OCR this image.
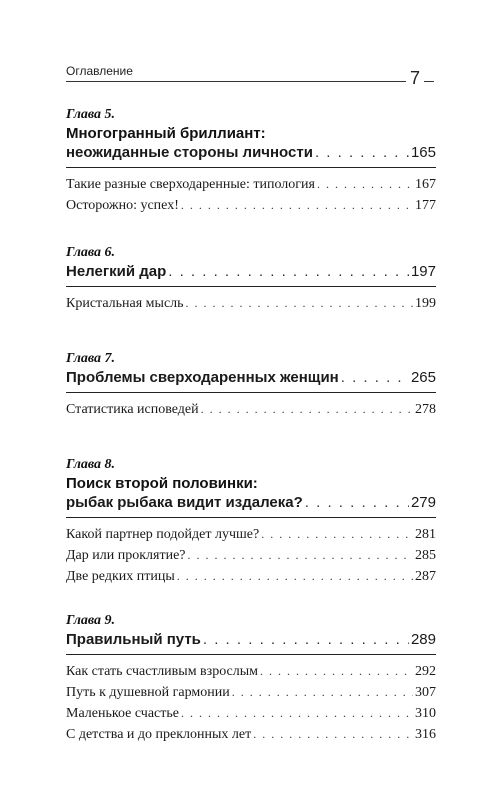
Оглавление	7
Глава 5.
Многогранный бриллиант:
неожиданные стороны личности . . .	165
Такие разные сверходаренные: типология . . .	167
Осторожно: успех! . . .	177
Глава 6.
Нелегкий дар . . .	197
Кристальная мысль . . .	199
Глава 7.
Проблемы сверходаренных женщин . . .	265
Статистика исповедей . . .	278
Глава 8.
Поиск второй половинки:
рыбак рыбака видит издалека? . . .	279
Какой партнер подойдет лучше? . . .	281
Дар или проклятие? . . .	285
Две редких птицы . . .	287
Глава 9.
Правильный путь . . .	289
Как стать счастливым взрослым . . .	292
Путь к душевной гармонии . . .	307
Маленькое счастье . . .	310
С детства и до преклонных лет . . .	316
